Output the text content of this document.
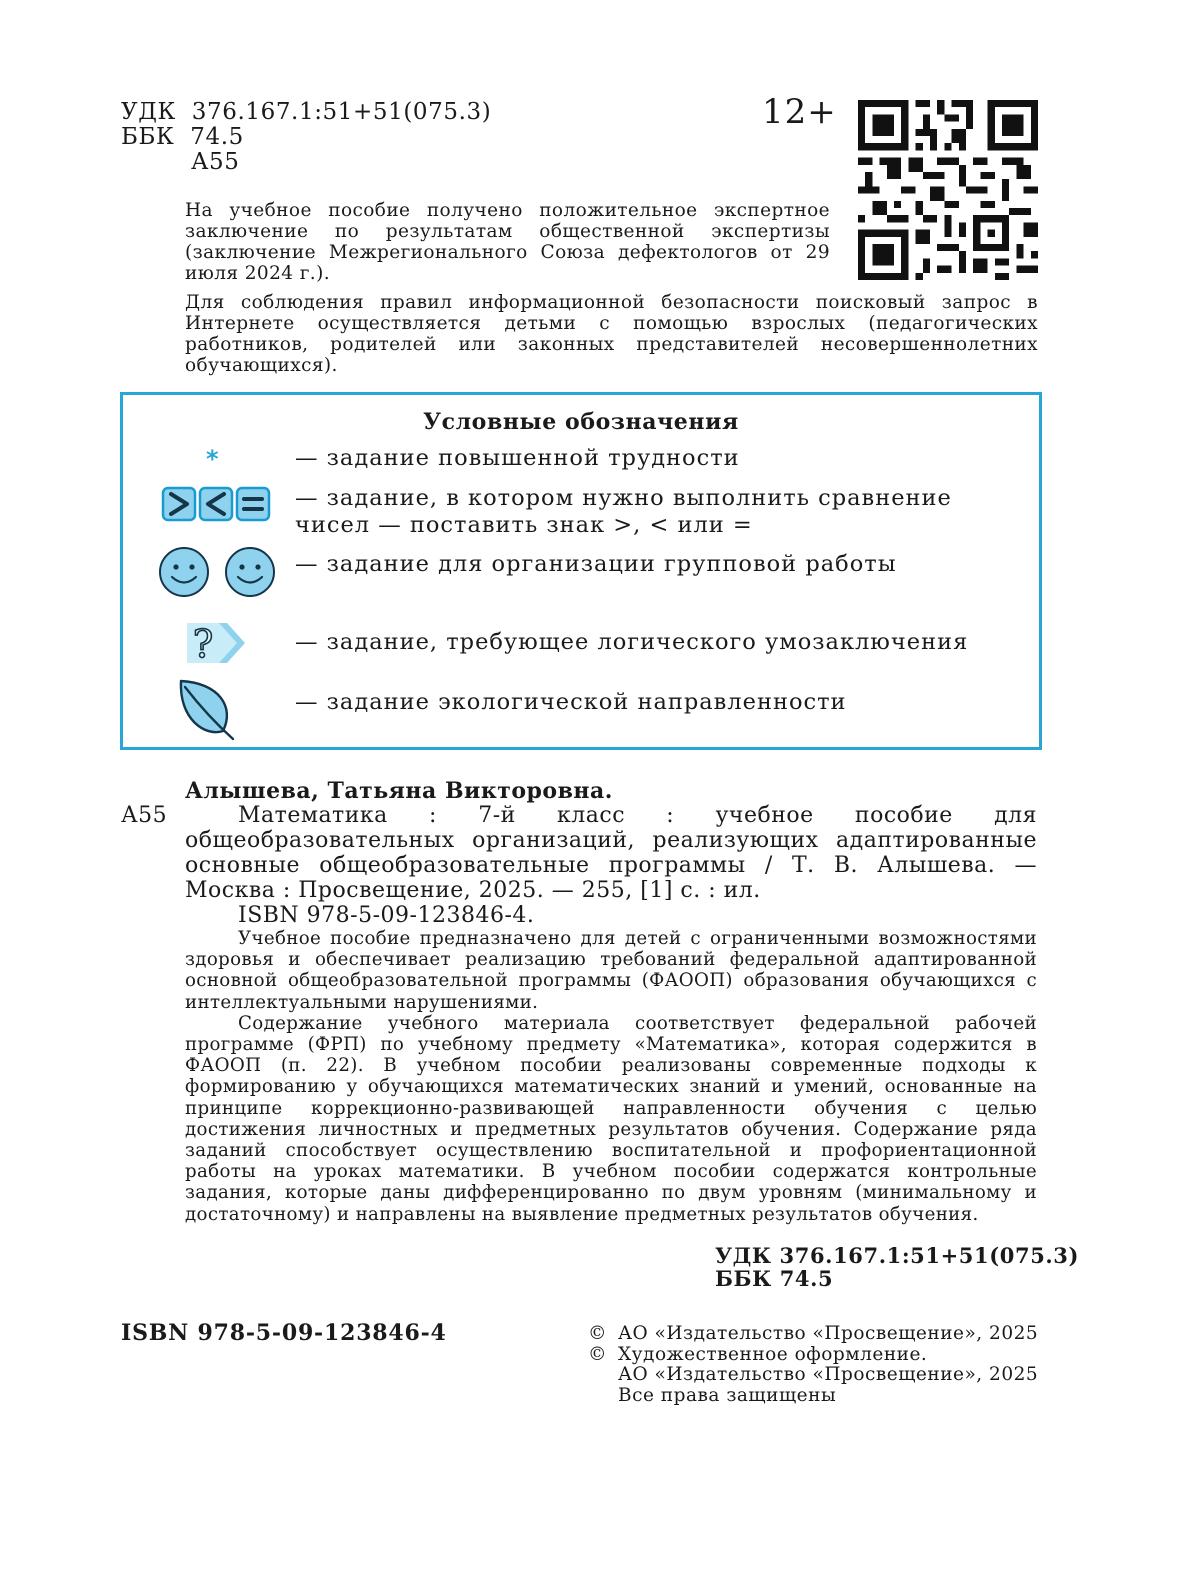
УДК  376.167.1:51+51(075.3)
ББК  74.5
А55
12+
На учебное пособие получено положительное экспертное заключение по результатам общественной экспертизы (заключение Межрегионального Союза дефектологов от 29 июля 2024 г.).
Для соблюдения правил информационной безопасности поисковый запрос в Интернете осуществляется детьми с помощью взрослых (педагогических работников, родителей или законных представителей несовершеннолетних обучающихся).
Условные обозначения
*	— задание повышенной трудности
— задание, в котором нужно выполнить сравнение чисел — поставить знак >, < или =
— задание для организации групповой работы
?	— задание, требующее логического умозаключения
— задание экологической направленности
Алышева, Татьяна Викторовна.
А55	Математика : 7-й класс : учебное пособие для общеобразовательных организаций, реализующих адаптированные основные общеобразовательные программы / Т. В. Алышева. — Москва : Просвещение, 2025. — 255, [1] с. : ил.
ISBN 978-5-09-123846-4.

Учебное пособие предназначено для детей с ограниченными возможностями здоровья и обеспечивает реализацию требований федеральной адаптированной основной общеобразовательной программы (ФАООП) образования обучающихся с интеллектуальными нарушениями.

Содержание учебного материала соответствует федеральной рабочей программе (ФРП) по учебному предмету «Математика», которая содержится в ФАООП (п. 22). В учебном пособии реализованы современные подходы к формированию у обучающихся математических знаний и умений, основанные на принципе коррекционно-развивающей направленности обучения с целью достижения личностных и предметных результатов обучения. Содержание ряда заданий способствует осуществлению воспитательной и профориентационной работы на уроках математики. В учебном пособии содержатся контрольные задания, которые даны дифференцированно по двум уровням (минимальному и достаточному) и направлены на выявление предметных результатов обучения.

УДК 376.167.1:51+51(075.3)
ББК 74.5
ISBN 978-5-09-123846-4	© АО «Издательство «Просвещение», 2025
© Художественное оформление.
АО «Издательство «Просвещение», 2025
Все права защищены
